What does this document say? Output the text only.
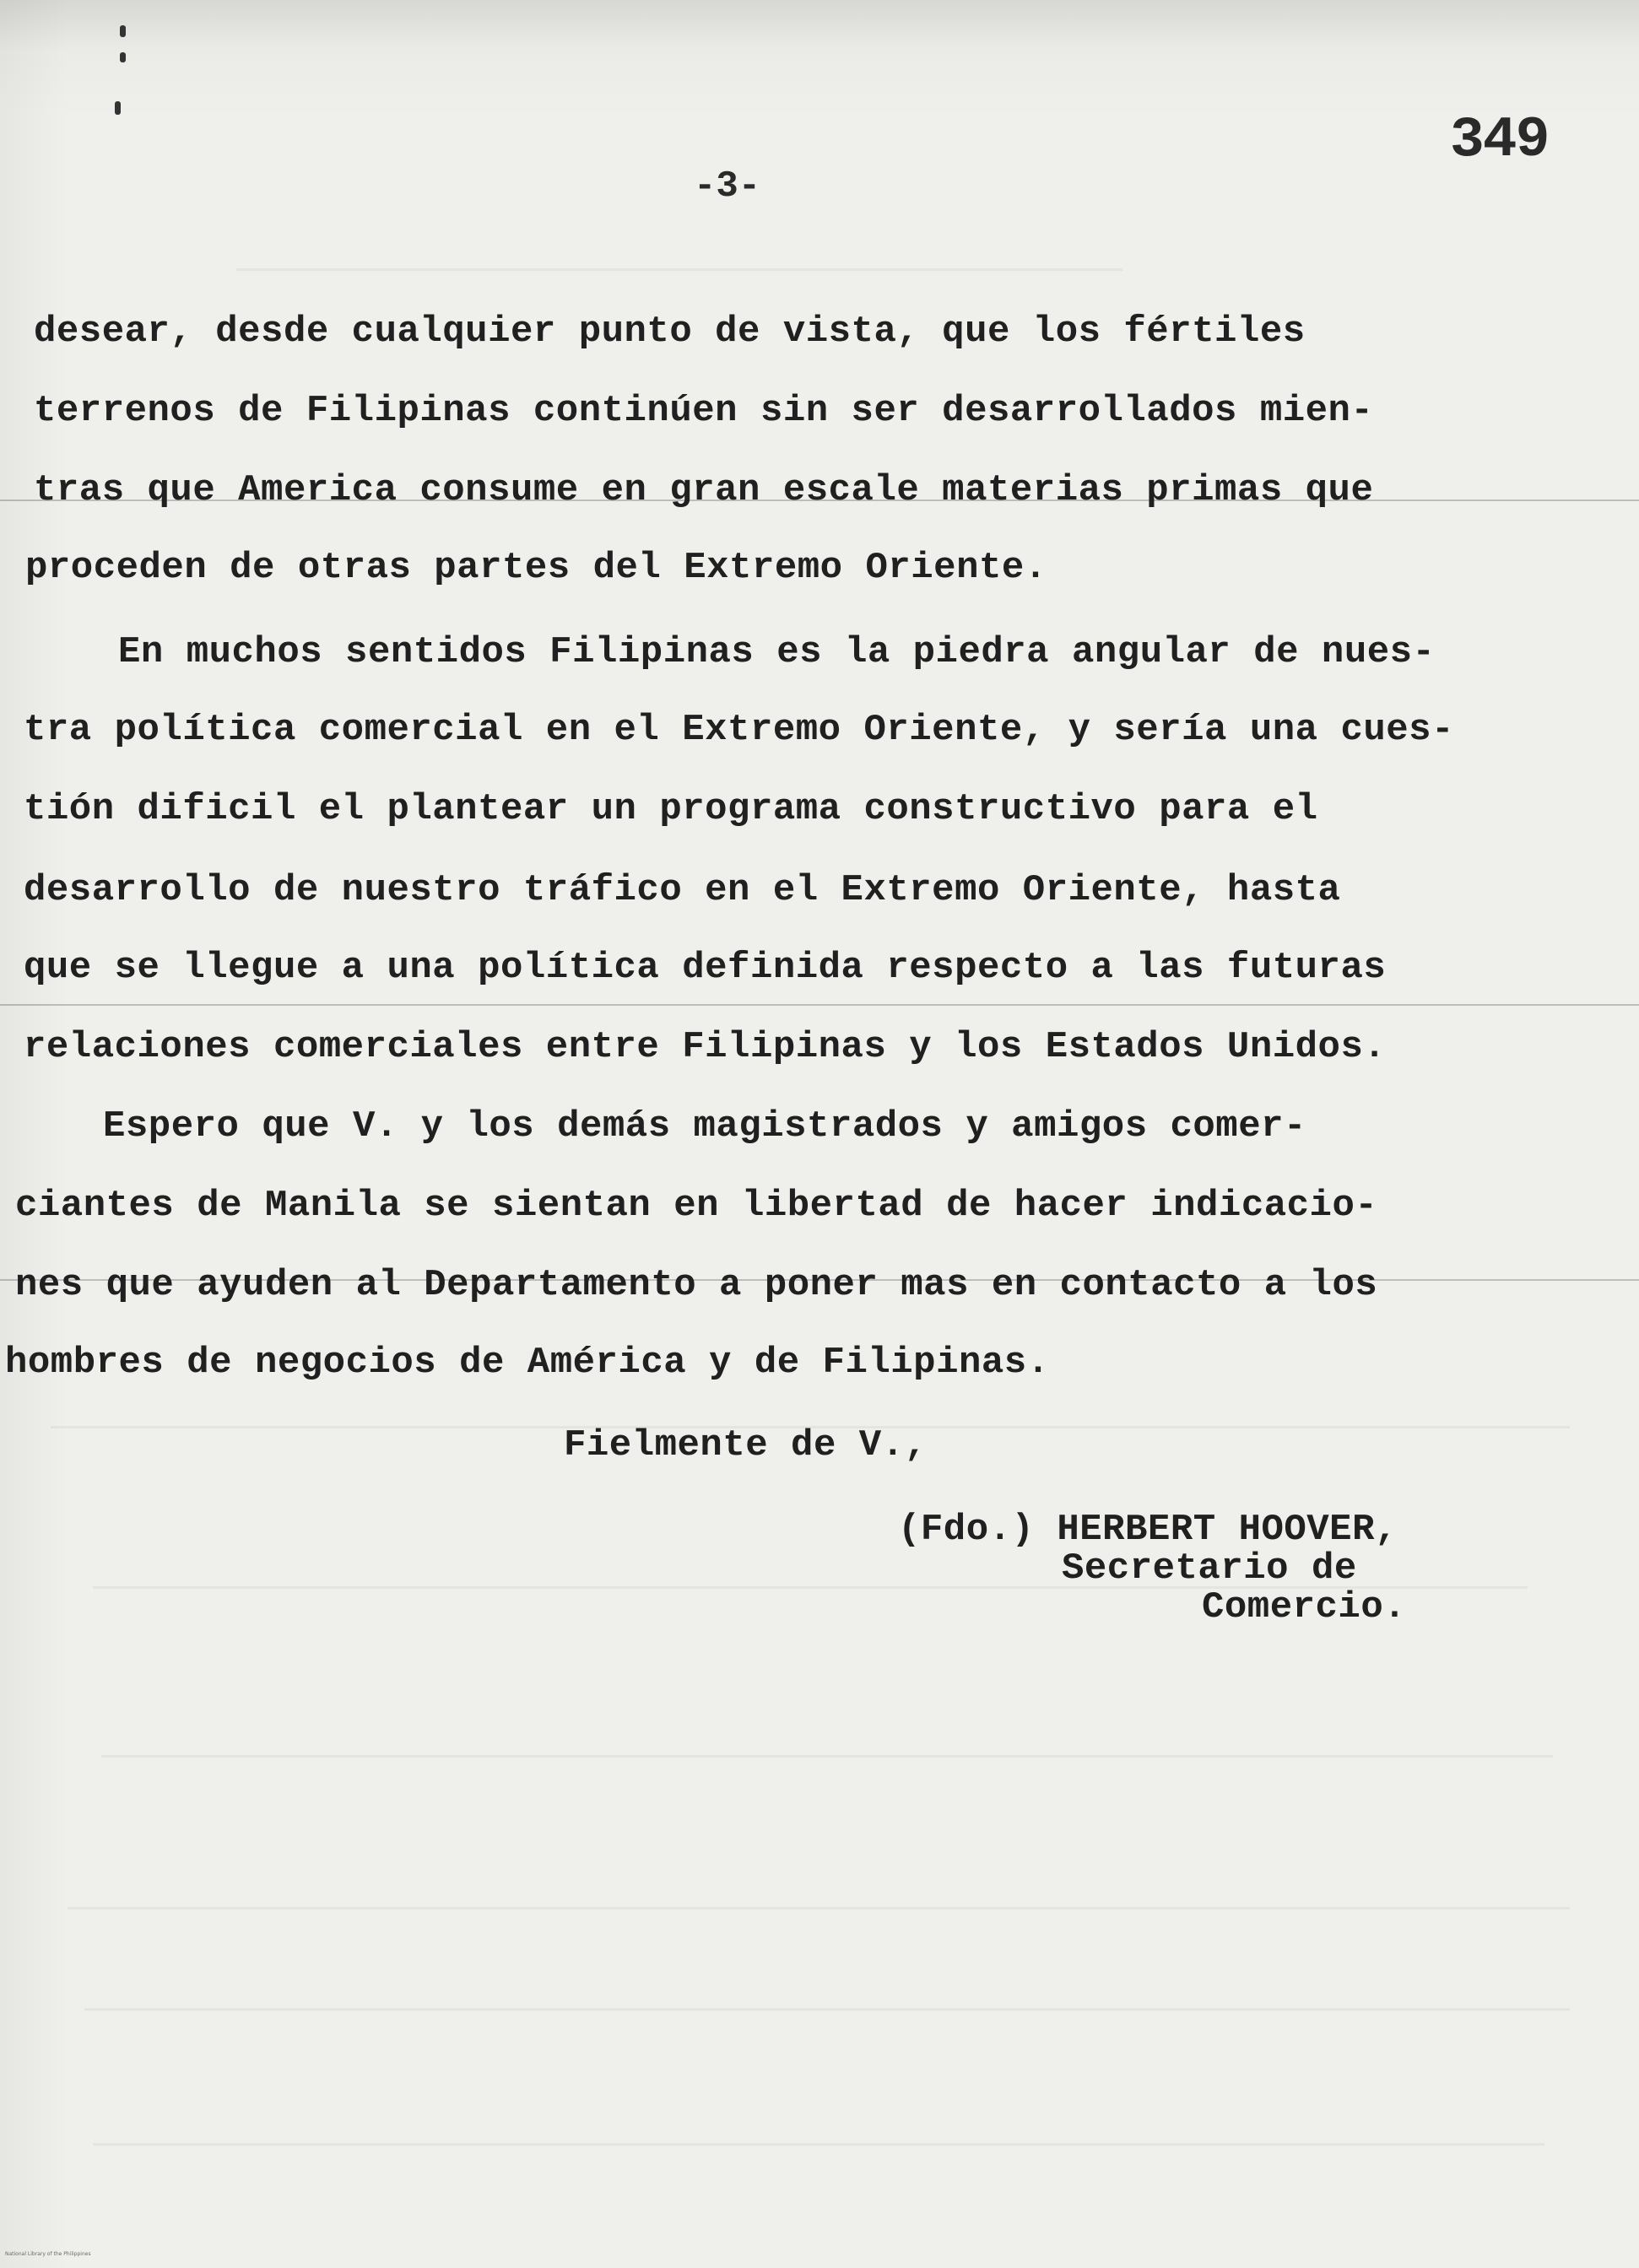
349
-3-
desear, desde cualquier punto de vista, que los fértiles
terrenos de Filipinas continúen sin ser desarrollados mien-
tras que America consume en gran escale materias primas que
proceden de otras partes del Extremo Oriente.
En muchos sentidos Filipinas es la piedra angular de nues-
tra política comercial en el Extremo Oriente, y sería una cues-
tión dificil el plantear un programa constructivo para el
desarrollo de nuestro tráfico en el Extremo Oriente, hasta
que se llegue a una política definida respecto a las futuras
relaciones comerciales entre Filipinas y los Estados Unidos.
Espero que V. y los demás magistrados y amigos comer-
ciantes de Manila se sientan en libertad de hacer indicacio-
nes que ayuden al Departamento a poner mas en contacto a los
hombres de negocios de América y de Filipinas.
Fielmente de V.,
(Fdo.) HERBERT HOOVER,
Secretario de
Comercio.
National Library of the Philippines
